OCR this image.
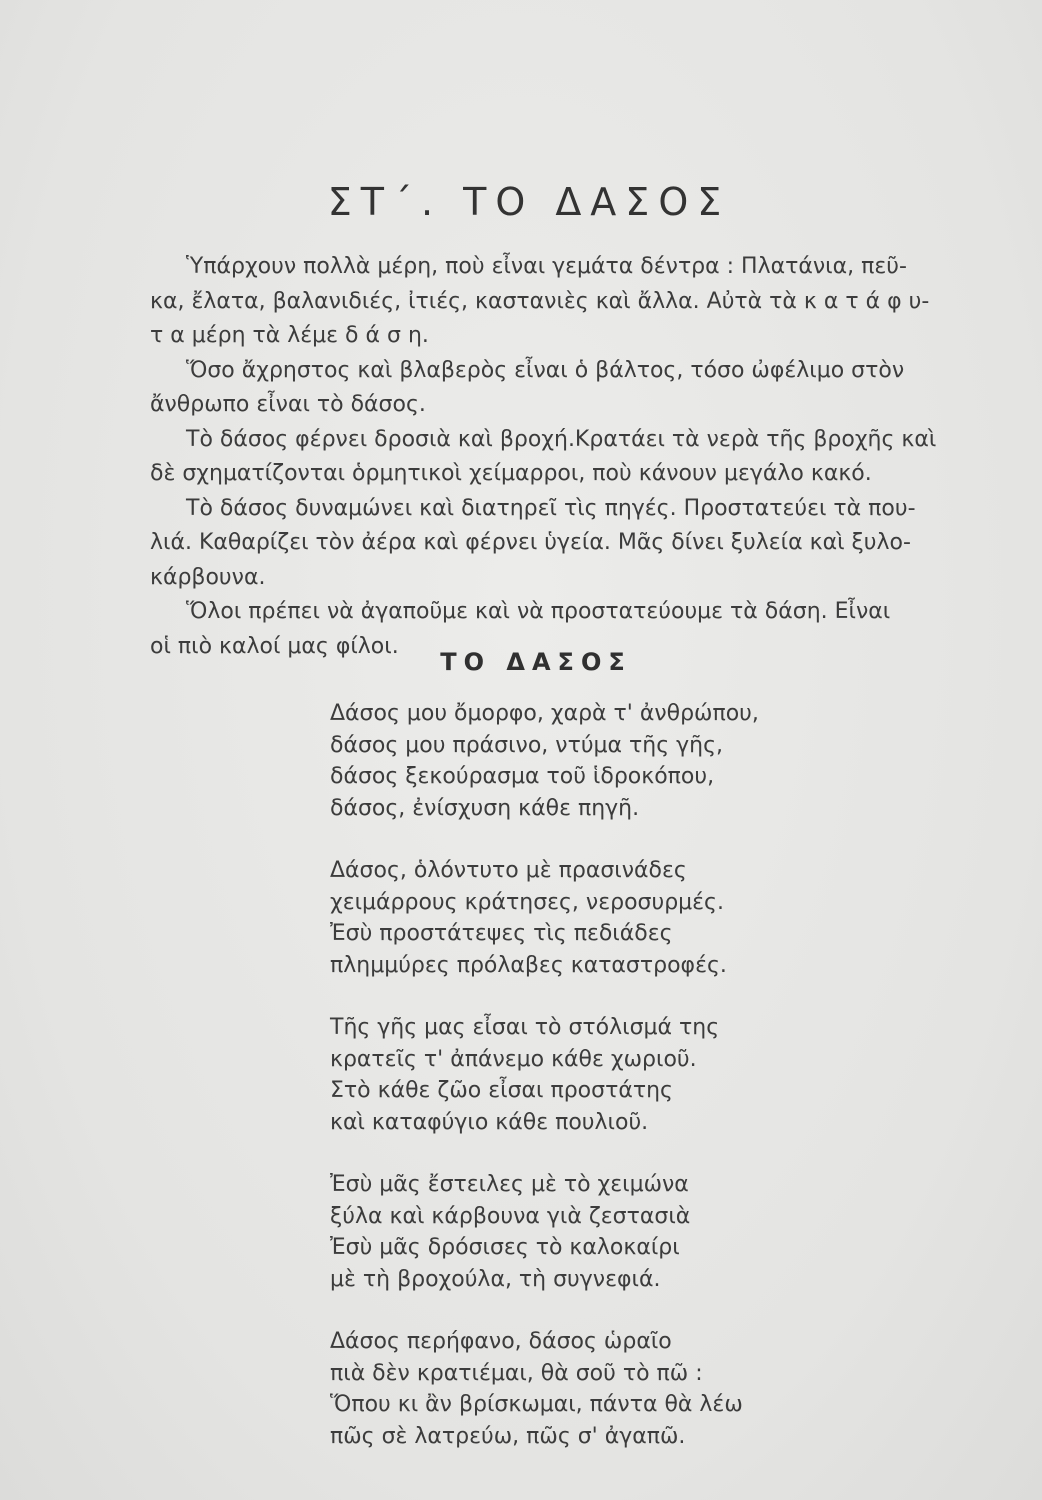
ΣΤ΄. ΤΟ ΔΑΣΟΣ
Ὑπάρχουν πολλὰ μέρη, ποὺ εἶναι γεμάτα δέντρα : Πλατάνια, πεῦ-
κα, ἔλατα, βαλανιδιές, ἰτιές, καστανιὲς καὶ ἄλλα. Αὐτὰ τὰ κ α τ ά φ υ-
τ α μέρη τὰ λέμε δ ά σ η.
Ὅσο ἄχρηστος καὶ βλαβερὸς εἶναι ὁ βάλτος, τόσο ὠφέλιμο στὸν
ἄνθρωπο εἶναι τὸ δάσος.
Τὸ δάσος φέρνει δροσιὰ καὶ βροχή.Κρατάει τὰ νερὰ τῆς βροχῆς καὶ
δὲ σχηματίζονται ὁρμητικοὶ χείμαρροι, ποὺ κάνουν μεγάλο κακό.
Τὸ δάσος δυναμώνει καὶ διατηρεῖ τὶς πηγές. Προστατεύει τὰ που-
λιά. Καθαρίζει τὸν ἀέρα καὶ φέρνει ὑγεία. Μᾶς δίνει ξυλεία καὶ ξυλο-
κάρβουνα.
Ὅλοι πρέπει νὰ ἀγαποῦμε καὶ νὰ προστατεύουμε τὰ δάση. Εἶναι
οἱ πιὸ καλοί μας φίλοι.
ΤΟ ΔΑΣΟΣ
Δάσος μου ὄμορφο, χαρὰ τ' ἀνθρώπου,
δάσος μου πράσινο, ντύμα τῆς γῆς,
δάσος ξεκούρασμα τοῦ ἱδροκόπου,
δάσος, ἐνίσχυση κάθε πηγῆ.
Δάσος, ὁλόντυτο μὲ πρασινάδες
χειμάρρους κράτησες, νεροσυρμές.
Ἐσὺ προστάτεψες τὶς πεδιάδες
πλημμύρες πρόλαβες καταστροφές.
Τῆς γῆς μας εἶσαι τὸ στόλισμά της
κρατεῖς τ' ἀπάνεμο κάθε χωριοῦ.
Στὸ κάθε ζῶο εἶσαι προστάτης
καὶ καταφύγιο κάθε πουλιοῦ.
Ἐσὺ μᾶς ἔστειλες μὲ τὸ χειμώνα
ξύλα καὶ κάρβουνα γιὰ ζεστασιὰ
Ἐσὺ μᾶς δρόσισες τὸ καλοκαίρι
μὲ τὴ βροχούλα, τὴ συγνεφιά.
Δάσος περήφανο, δάσος ὡραῖο
πιὰ δὲν κρατιέμαι, θὰ σοῦ τὸ πῶ :
Ὅπου κι ἂν βρίσκωμαι, πάντα θὰ λέω
πῶς σὲ λατρεύω, πῶς σ' ἀγαπῶ.
